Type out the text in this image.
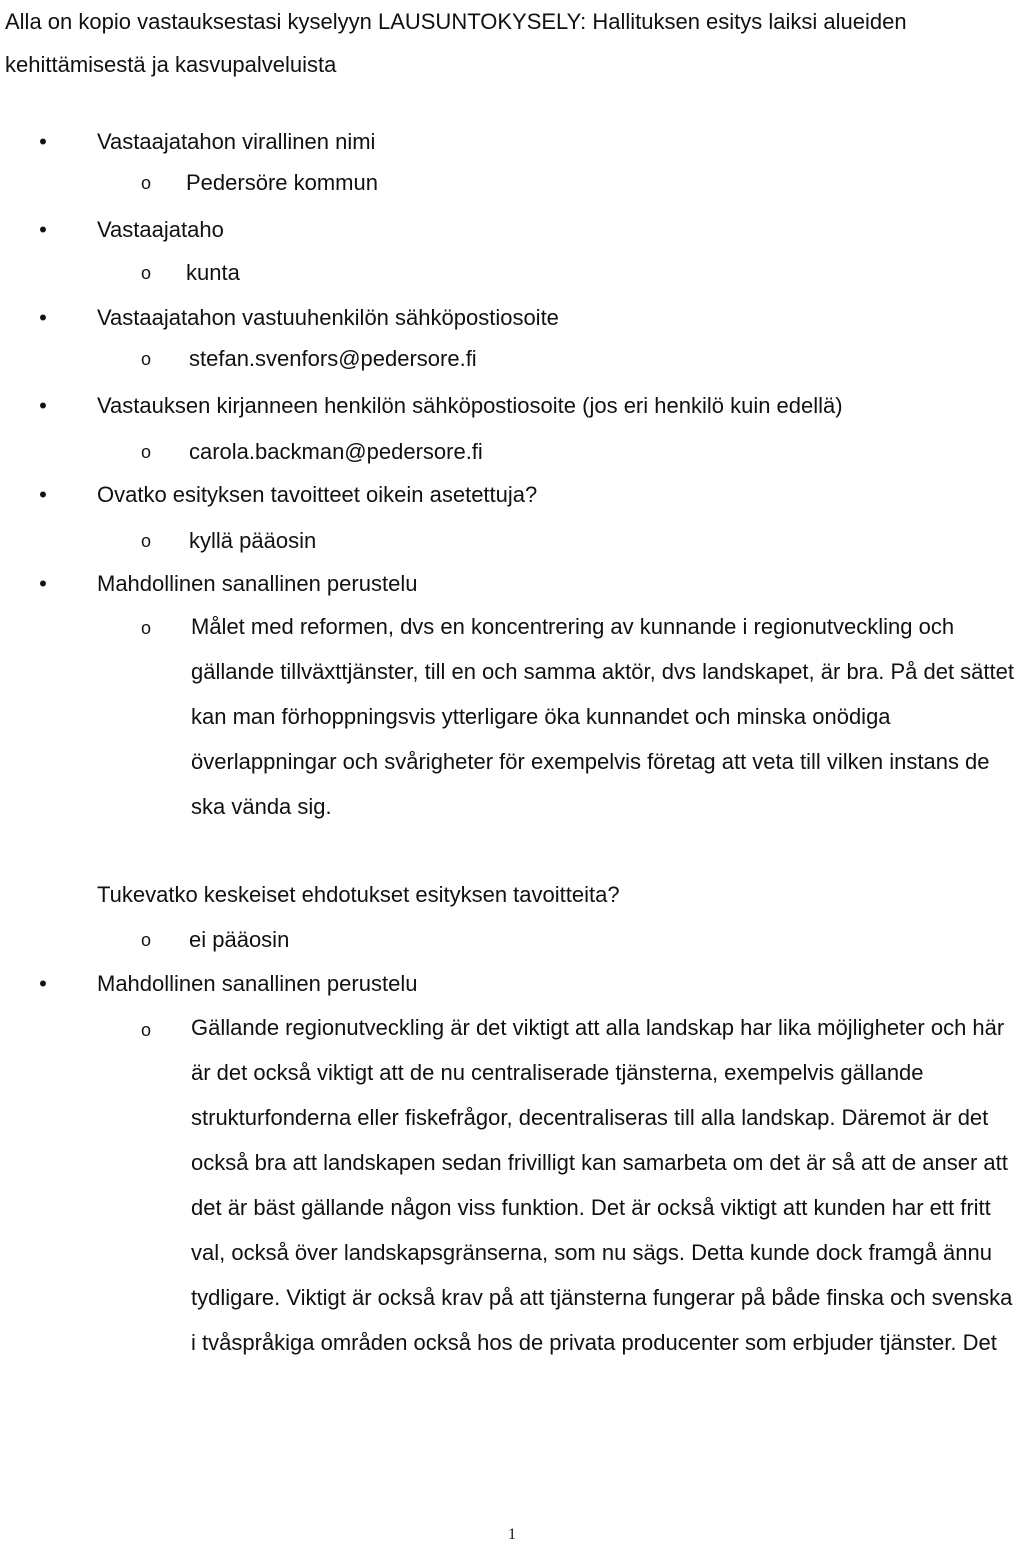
Alla on kopio vastauksestasi kyselyyn LAUSUNTOKYSELY: Hallituksen esitys laiksi alueiden kehittämisestä ja kasvupalveluista

• Vastaajatahon virallinen nimi
o Pedersöre kommun
• Vastaajataho
o kunta
• Vastaajatahon vastuuhenkilön sähköpostiosoite
o stefan.svenfors@pedersore.fi
• Vastauksen kirjanneen henkilön sähköpostiosoite (jos eri henkilö kuin edellä)
o carola.backman@pedersore.fi
• Ovatko esityksen tavoitteet oikein asetettuja?
o kyllä pääosin
• Mahdollinen sanallinen perustelu
o Målet med reformen, dvs en koncentrering av kunnande i regionutveckling och gällande tillväxttjänster, till en och samma aktör, dvs landskapet, är bra. På det sättet kan man förhoppningsvis ytterligare öka kunnandet och minska onödiga överlappningar och svårigheter för exempelvis företag att veta till vilken instans de ska vända sig.

Tukevatko keskeiset ehdotukset esityksen tavoitteita?
o ei pääosin
• Mahdollinen sanallinen perustelu
o Gällande regionutveckling är det viktigt att alla landskap har lika möjligheter och här är det också viktigt att de nu centraliserade tjänsterna, exempelvis gällande strukturfonderna eller fiskefrågor, decentraliseras till alla landskap. Däremot är det också bra att landskapen sedan frivilligt kan samarbeta om det är så att de anser att det är bäst gällande någon viss funktion. Det är också viktigt att kunden har ett fritt val, också över landskapsgränserna, som nu sägs. Detta kunde dock framgå ännu tydligare. Viktigt är också krav på att tjänsterna fungerar på både finska och svenska i tvåspråkiga områden också hos de privata producenter som erbjuder tjänster. Det

1
